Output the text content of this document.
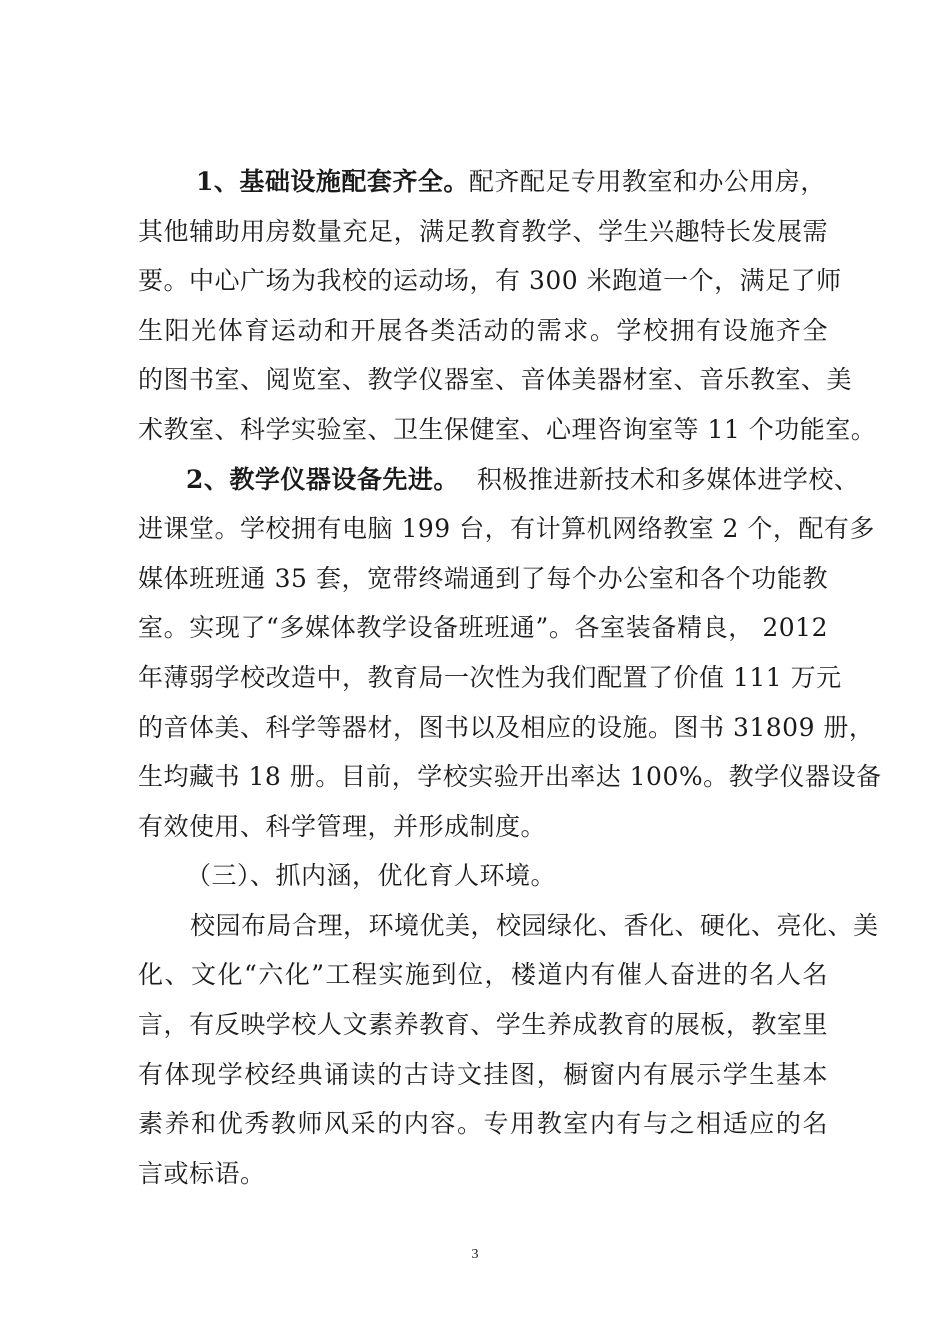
1、基础设施配套齐全。配齐配足专用教室和办公用房，
其他辅助用房数量充足，满足教育教学、学生兴趣特长发展需
要。中心广场为我校的运动场，有 300 米跑道一个，满足了师
生阳光体育运动和开展各类活动的需求。学校拥有设施齐全
的图书室、阅览室、教学仪器室、音体美器材室、音乐教室、美
术教室、科学实验室、卫生保健室、心理咨询室等 11 个功能室。
2、教学仪器设备先进。 积极推进新技术和多媒体进学校、
进课堂。学校拥有电脑 199 台，有计算机网络教室 2 个，配有多
媒体班班通 35 套，宽带终端通到了每个办公室和各个功能教
室。实现了“多媒体教学设备班班通”。各室装备精良， 2012
年薄弱学校改造中，教育局一次性为我们配置了价值 111 万元
的音体美、科学等器材，图书以及相应的设施。图书 31809 册，
生均藏书 18 册。目前，学校实验开出率达 100%。教学仪器设备
有效使用、科学管理，并形成制度。
（三）、抓内涵，优化育人环境。
校园布局合理，环境优美，校园绿化、香化、硬化、亮化、美
化、文化“六化”工程实施到位，楼道内有催人奋进的名人名
言，有反映学校人文素养教育、学生养成教育的展板，教室里
有体现学校经典诵读的古诗文挂图，橱窗内有展示学生基本
素养和优秀教师风采的内容。专用教室内有与之相适应的名
言或标语。
3
